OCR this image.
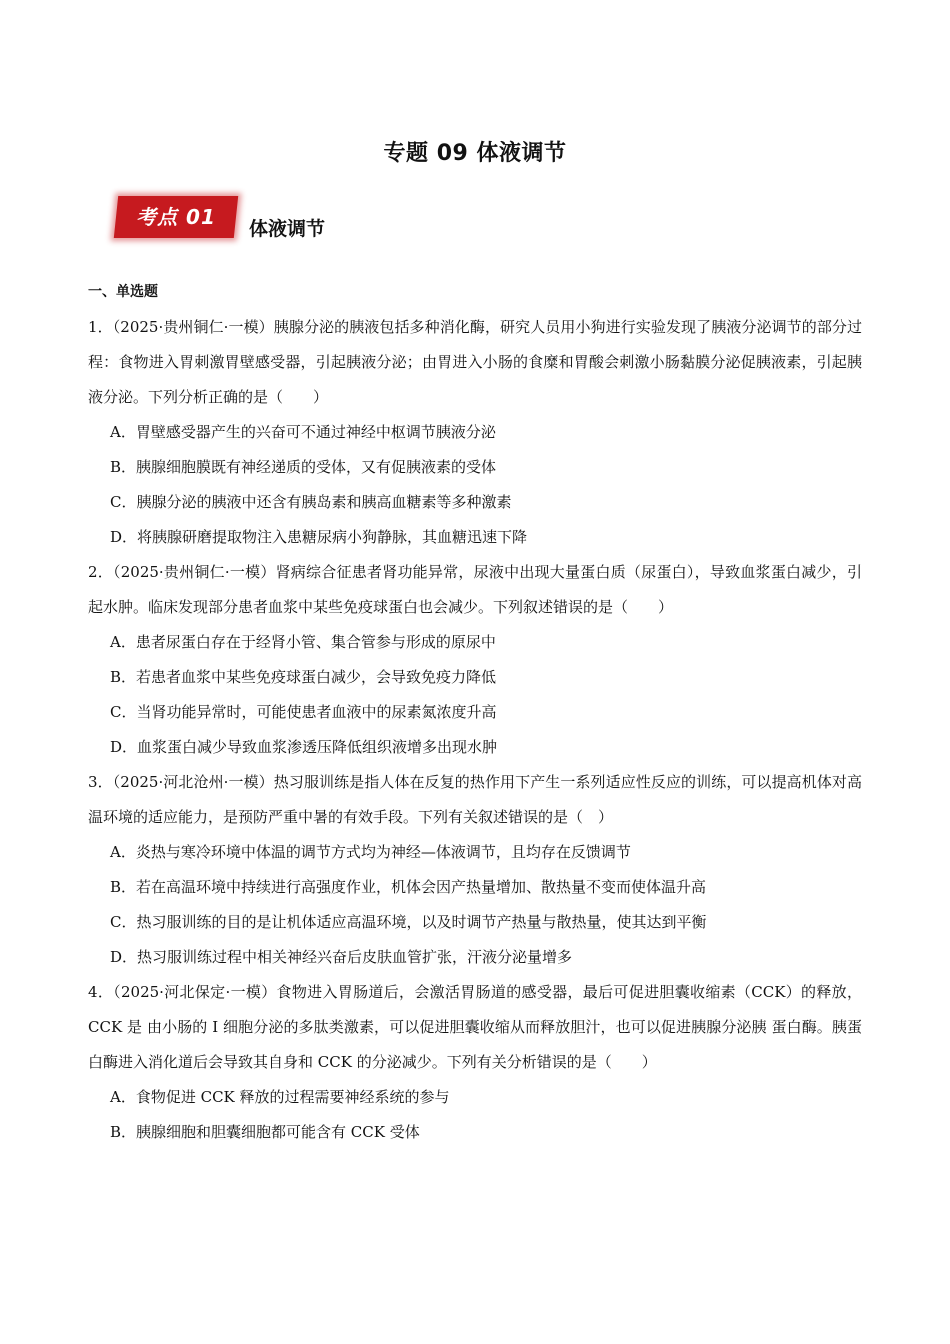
专题 09 体液调节
考点 01	体液调节
一、单选题

1．（2025·贵州铜仁·一模）胰腺分泌的胰液包括多种消化酶，研究人员用小狗进行实验发现了胰液分泌调节的部分过程：食物进入胃刺激胃壁感受器，引起胰液分泌；由胃进入小肠的食糜和胃酸会刺激小肠黏膜分泌促胰液素，引起胰液分泌。下列分析正确的是（　　）

A．胃壁感受器产生的兴奋可不通过神经中枢调节胰液分泌

B．胰腺细胞膜既有神经递质的受体，又有促胰液素的受体

C．胰腺分泌的胰液中还含有胰岛素和胰高血糖素等多种激素

D．将胰腺研磨提取物注入患糖尿病小狗静脉，其血糖迅速下降

2．（2025·贵州铜仁·一模）肾病综合征患者肾功能异常，尿液中出现大量蛋白质（尿蛋白），导致血浆蛋白减少，引起水肿。临床发现部分患者血浆中某些免疫球蛋白也会减少。下列叙述错误的是（　　）

A．患者尿蛋白存在于经肾小管、集合管参与形成的原尿中

B．若患者血浆中某些免疫球蛋白减少，会导致免疫力降低

C．当肾功能异常时，可能使患者血液中的尿素氮浓度升高

D．血浆蛋白减少导致血浆渗透压降低组织液增多出现水肿

3．（2025·河北沧州·一模）热习服训练是指人体在反复的热作用下产生一系列适应性反应的训练，可以提高机体对高温环境的适应能力，是预防严重中暑的有效手段。下列有关叙述错误的是（　）

A．炎热与寒冷环境中体温的调节方式均为神经—体液调节，且均存在反馈调节

B．若在高温环境中持续进行高强度作业，机体会因产热量增加、散热量不变而使体温升高

C．热习服训练的目的是让机体适应高温环境，以及时调节产热量与散热量，使其达到平衡

D．热习服训练过程中相关神经兴奋后皮肤血管扩张，汗液分泌量增多

4．（2025·河北保定·一模）食物进入胃肠道后，会激活胃肠道的感受器，最后可促进胆囊收缩素（CCK）的释放，CCK 是 由小肠的 I 细胞分泌的多肽类激素，可以促进胆囊收缩从而释放胆汁，也可以促进胰腺分泌胰 蛋白酶。胰蛋白酶进入消化道后会导致其自身和 CCK 的分泌减少。下列有关分析错误的是（　　）

A．食物促进 CCK 释放的过程需要神经系统的参与

B．胰腺细胞和胆囊细胞都可能含有 CCK 受体
